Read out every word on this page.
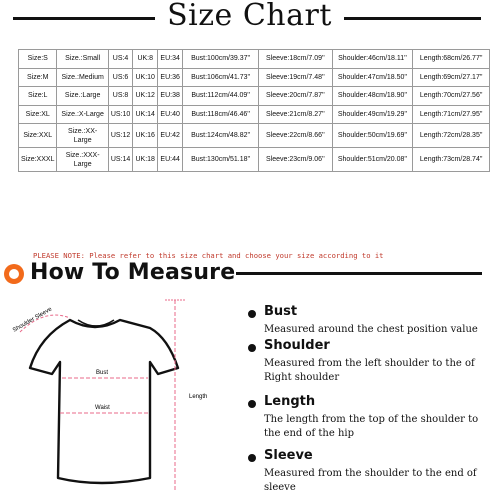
Size Chart
Size:S	Size.:Small	US:4	UK:8	EU:34	Bust:100cm/39.37''	Sleeve:18cm/7.09''	Shoulder:46cm/18.11''	Length:68cm/26.77''
Size:M	Size.:Medium	US:6	UK:10	EU:36	Bust:106cm/41.73''	Sleeve:19cm/7.48''	Shoulder:47cm/18.50''	Length:69cm/27.17''
Size:L	Size.:Large	US:8	UK:12	EU:38	Bust:112cm/44.09''	Sleeve:20cm/7.87''	Shoulder:48cm/18.90''	Length:70cm/27.56''
Size:XL	Size.:X-Large	US:10	UK:14	EU:40	Bust:118cm/46.46''	Sleeve:21cm/8.27''	Shoulder:49cm/19.29''	Length:71cm/27.95''
Size:XXL	Size.:XX-Large	US:12	UK:16	EU:42	Bust:124cm/48.82''	Sleeve:22cm/8.66''	Shoulder:50cm/19.69''	Length:72cm/28.35''
Size:XXXL	Size.:XXX-Large	US:14	UK:18	EU:44	Bust:130cm/51.18''	Sleeve:23cm/9.06''	Shoulder:51cm/20.08''	Length:73cm/28.74''
PLEASE NOTE: Please refer to this size chart and choose your size according to it
How To Measure
Shoulder Sleeve
Bust
Waist
Length
Bust
Measured around the chest position value
Shoulder
Measured from the left shoulder to the of Right shoulder
Length
The length from the top of the shoulder to the end of the hip
Sleeve
Measured from the shoulder to the end of sleeve
